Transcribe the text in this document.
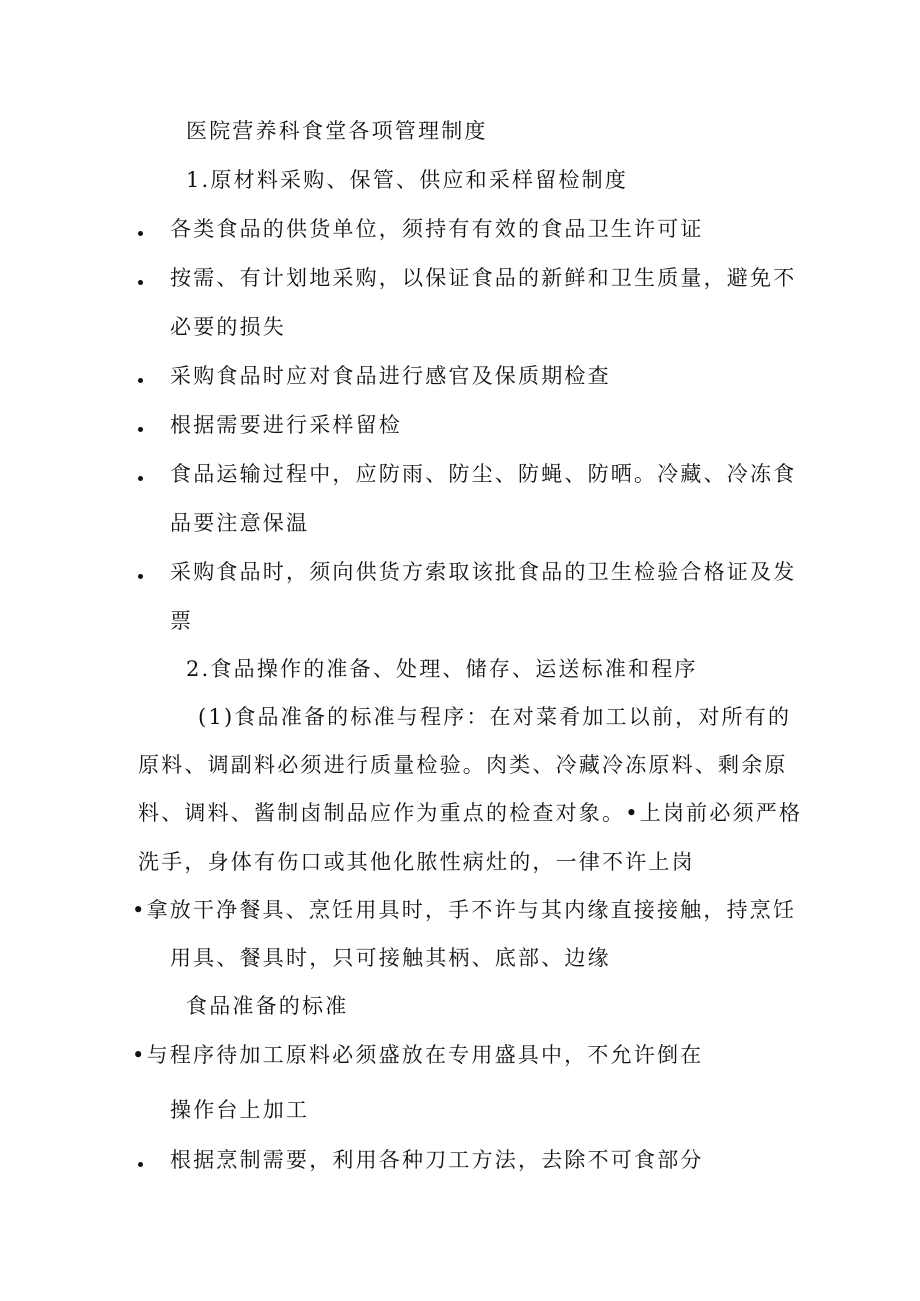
医院营养科食堂各项管理制度
1.原材料采购、保管、供应和采样留检制度
各类食品的供货单位，须持有有效的食品卫生许可证
按需、有计划地采购，以保证食品的新鲜和卫生质量，避免不
必要的损失
采购食品时应对食品进行感官及保质期检查
根据需要进行采样留检
食品运输过程中，应防雨、防尘、防蝇、防晒。冷藏、冷冻食
品要注意保温
采购食品时，须向供货方索取该批食品的卫生检验合格证及发
票
2.食品操作的准备、处理、储存、运送标准和程序
(1)食品准备的标准与程序：在对菜肴加工以前，对所有的
原料、调副料必须进行质量检验。肉类、冷藏冷冻原料、剩余原
料、调料、酱制卤制品应作为重点的检查对象。•上岗前必须严格
洗手，身体有伤口或其他化脓性病灶的，一律不许上岗
•拿放干净餐具、烹饪用具时，手不许与其内缘直接接触，持烹饪
用具、餐具时，只可接触其柄、底部、边缘
食品准备的标准
•与程序待加工原料必须盛放在专用盛具中，不允许倒在
操作台上加工
根据烹制需要，利用各种刀工方法，去除不可食部分
